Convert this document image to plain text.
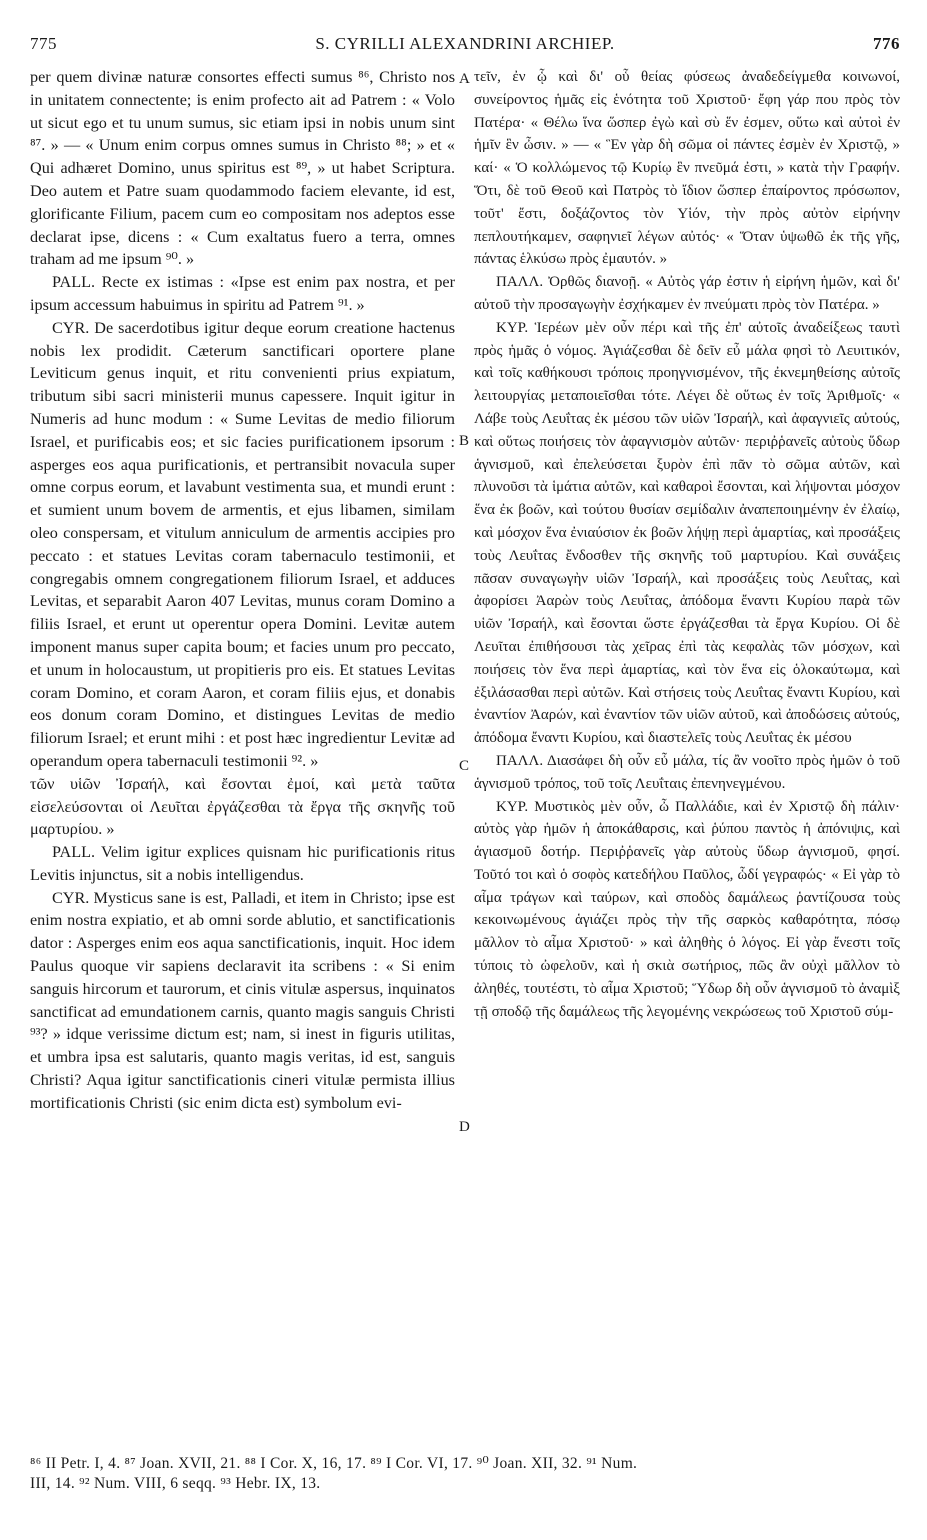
775	S. CYRILLI ALEXANDRINI ARCHIEP.	776

per quem divinæ naturæ consortes effecti sumus ⁸⁶, Christo nos in unitatem connectente; is enim profecto ait ad Patrem : « Volo ut sicut ego et tu unum sumus, sic etiam ipsi in nobis unum sint ⁸⁷. » — « Unum enim corpus omnes sumus in Christo ⁸⁸; » et « Qui adhæret Domino, unus spiritus est ⁸⁹, » ut habet Scriptura. Deo autem et Patre suam quodammodo faciem elevante, id est, glorificante Filium, pacem cum eo compositam nos adeptos esse declarat ipse, dicens : « Cum exaltatus fuero a terra, omnes traham ad me ipsum ⁹⁰. »

PALL. Recte ex istimas : «Ipse est enim pax nostra, et per ipsum accessum habuimus in spiritu ad Patrem ⁹¹. »

CYR. De sacerdotibus igitur deque eorum creatione hactenus nobis lex prodidit. Cæterum sanctificari oportere plane Leviticum genus inquit, et ritu convenienti prius expiatum, tributum sibi sacri ministerii munus capessere. Inquit igitur in Numeris ad hunc modum : « Sume Levitas de medio filiorum Israel, et purificabis eos; et sic facies purificationem ipsorum : asperges eos aqua purificationis, et pertransibit novacula super omne corpus eorum, et lavabunt vestimenta sua, et mundi erunt : et sumient unum bovem de armentis, et ejus libamen, similam oleo conspersam, et vitulum anniculum de armentis accipies pro peccato : et statues Levitas coram tabernaculo testimonii, et congregabis omnem congregationem filiorum Israel, et adduces Levitas, et separabit Aaron 407 Levitas, munus coram Domino a filiis Israel, et erunt ut operentur opera Domini. Levitæ autem imponent manus super capita boum; et facies unum pro peccato, et unum in holocaustum, ut propitieris pro eis. Et statues Levitas coram Domino, et coram Aaron, et coram filiis ejus, et donabis eos donum coram Domino, et distingues Levitas de medio filiorum Israel; et erunt mihi : et post hæc ingredientur Levitæ ad operandum opera tabernaculi testimonii ⁹². »

τῶν υἱῶν Ἰσραήλ, καὶ ἔσονται ἐμοί, καὶ μετὰ ταῦτα εἰσελεύσονται οἱ Λευῖται ἐργάζεσθαι τὰ ἔργα τῆς σκηνῆς τοῦ μαρτυρίου. »

PALL. Velim igitur explices quisnam hic purificationis ritus Levitis injunctus, sit a nobis intelligendus.

CYR. Mysticus sane is est, Palladi, et item in Christo; ipse est enim nostra expiatio, et ab omni sorde ablutio, et sanctificationis dator : Asperges enim eos aqua sanctificationis, inquit. Hoc idem Paulus quoque vir sapiens declaravit ita scribens : « Si enim sanguis hircorum et taurorum, et cinis vitulæ aspersus, inquinatos sanctificat ad emundationem carnis, quanto magis sanguis Christi ⁹³? » idque verissime dictum est; nam, si inest in figuris utilitas, et umbra ipsa est salutaris, quanto magis veritas, id est, sanguis Christi? Aqua igitur sanctificationis cineri vitulæ permista illius mortificationis Christi (sic enim dicta est) symbolum evi-

A
B
C
D

τεῖν, ἐν ᾧ καὶ δι' οὗ θείας φύσεως ἀναδεδείγμεθα κοινωνοί, συνείροντος ἡμᾶς εἰς ἑνότητα τοῦ Χριστοῦ· ἔφη γάρ που πρὸς τὸν Πατέρα· « Θέλω ἵνα ὥσπερ ἐγὼ καὶ σὺ ἕν ἐσμεν, οὕτω καὶ αὐτοὶ ἐν ἡμῖν ἓν ὦσιν. » — « Ἓν γὰρ δὴ σῶμα οἱ πάντες ἐσμὲν ἐν Χριστῷ, » καί· « Ὁ κολλώμενος τῷ Κυρίῳ ἓν πνεῦμά ἐστι, » κατὰ τὴν Γραφήν. Ὅτι, δὲ τοῦ Θεοῦ καὶ Πατρὸς τὸ ἴδιον ὥσπερ ἐπαίροντος πρόσωπον, τοῦτ' ἔστι, δοξάζοντος τὸν Υἱόν, τὴν πρὸς αὐτὸν εἰρήνην πεπλουτήκαμεν, σαφηνιεῖ λέγων αὐτός· « Ὅταν ὑψωθῶ ἐκ τῆς γῆς, πάντας ἑλκύσω πρὸς ἐμαυτόν. »

ΠΑΛΛ. Ὀρθῶς διανοῇ. « Αὐτὸς γάρ ἐστιν ἡ εἰρήνη ἡμῶν, καὶ δι' αὐτοῦ τὴν προσαγωγὴν ἐσχήκαμεν ἐν πνεύματι πρὸς τὸν Πατέρα. »

ΚΥΡ. Ἱερέων μὲν οὖν πέρι καὶ τῆς ἐπ' αὐτοῖς ἀναδείξεως ταυτὶ πρὸς ἡμᾶς ὁ νόμος. Ἁγιάζεσθαι δὲ δεῖν εὖ μάλα φησὶ τὸ Λευιτικόν, καὶ τοῖς καθήκουσι τρόποις προηγνισμένον, τῆς ἐκνεμηθείσης αὐτοῖς λειτουργίας μεταποιεῖσθαι τότε. Λέγει δὲ οὕτως ἐν τοῖς Ἀριθμοῖς· « Λάβε τοὺς Λευΐτας ἐκ μέσου τῶν υἱῶν Ἰσραήλ, καὶ ἀφαγνιεῖς αὐτούς, καὶ οὕτως ποιήσεις τὸν ἀφαγνισμὸν αὐτῶν· περιῤῥανεῖς αὐτοὺς ὕδωρ ἁγνισμοῦ, καὶ ἐπελεύσεται ξυρὸν ἐπὶ πᾶν τὸ σῶμα αὐτῶν, καὶ πλυνοῦσι τὰ ἱμάτια αὐτῶν, καὶ καθαροὶ ἔσονται, καὶ λήψονται μόσχον ἕνα ἐκ βοῶν, καὶ τούτου θυσίαν σεμίδαλιν ἀναπεποιημένην ἐν ἐλαίῳ, καὶ μόσχον ἕνα ἐνιαύσιον ἐκ βοῶν λήψῃ περὶ ἁμαρτίας, καὶ προσάξεις τοὺς Λευΐτας ἔνδοσθεν τῆς σκηνῆς τοῦ μαρτυρίου. Καὶ συνάξεις πᾶσαν συναγωγὴν υἱῶν Ἰσραήλ, καὶ προσάξεις τοὺς Λευΐτας, καὶ ἀφορίσει Ἀαρὼν τοὺς Λευΐτας, ἀπόδομα ἔναντι Κυρίου παρὰ τῶν υἱῶν Ἰσραήλ, καὶ ἔσονται ὥστε ἐργάζεσθαι τὰ ἔργα Κυρίου. Οἱ δὲ Λευῖται ἐπιθήσουσι τὰς χεῖρας ἐπὶ τὰς κεφαλὰς τῶν μόσχων, καὶ ποιήσεις τὸν ἕνα περὶ ἁμαρτίας, καὶ τὸν ἕνα εἰς ὁλοκαύτωμα, καὶ ἐξιλάσασθαι περὶ αὐτῶν. Καὶ στήσεις τοὺς Λευΐτας ἔναντι Κυρίου, καὶ ἐναντίον Ἀαρών, καὶ ἐναντίον τῶν υἱῶν αὐτοῦ, καὶ ἀποδώσεις αὐτούς, ἀπόδομα ἔναντι Κυρίου, καὶ διαστελεῖς τοὺς Λευΐτας ἐκ μέσου

ΠΑΛΛ. Διασάφει δὴ οὖν εὖ μάλα, τίς ἂν νοοῖτο πρὸς ἡμῶν ὁ τοῦ ἁγνισμοῦ τρόπος, τοῦ τοῖς Λευΐταις ἐπενηνεγμένου.

ΚΥΡ. Μυστικὸς μὲν οὖν, ὦ Παλλάδιε, καὶ ἐν Χριστῷ δὴ πάλιν· αὐτὸς γὰρ ἡμῶν ἡ ἀποκάθαρσις, καὶ ῥύπου παντὸς ἡ ἀπόνιψις, καὶ ἁγιασμοῦ δοτήρ. Περιῤῥανεῖς γὰρ αὐτοὺς ὕδωρ ἁγνισμοῦ, φησί. Τοῦτό τοι καὶ ὁ σοφὸς κατεδήλου Παῦλος, ὧδί γεγραφώς· « Εἰ γὰρ τὸ αἷμα τράγων καὶ ταύρων, καὶ σποδὸς δαμάλεως ῥαντίζουσα τοὺς κεκοινωμένους ἁγιάζει πρὸς τὴν τῆς σαρκὸς καθαρότητα, πόσῳ μᾶλλον τὸ αἷμα Χριστοῦ· » καὶ ἀληθὴς ὁ λόγος. Εἰ γὰρ ἔνεστι τοῖς τύποις τὸ ὠφελοῦν, καὶ ἡ σκιὰ σωτήριος, πῶς ἂν οὐχὶ μᾶλλον τὸ ἀληθές, τουτέστι, τὸ αἷμα Χριστοῦ; Ὕδωρ δὴ οὖν ἁγνισμοῦ τὸ ἀναμὶξ τῇ σποδῷ τῆς δαμάλεως τῆς λεγομένης νεκρώσεως τοῦ Χριστοῦ σύμ-

⁸⁶ II Petr. I, 4. ⁸⁷ Joan. XVII, 21. ⁸⁸ I Cor. X, 16, 17. ⁸⁹ I Cor. VI, 17. ⁹⁰ Joan. XII, 32. ⁹¹ Num.
III, 14. ⁹² Num. VIII, 6 seqq. ⁹³ Hebr. IX, 13.
